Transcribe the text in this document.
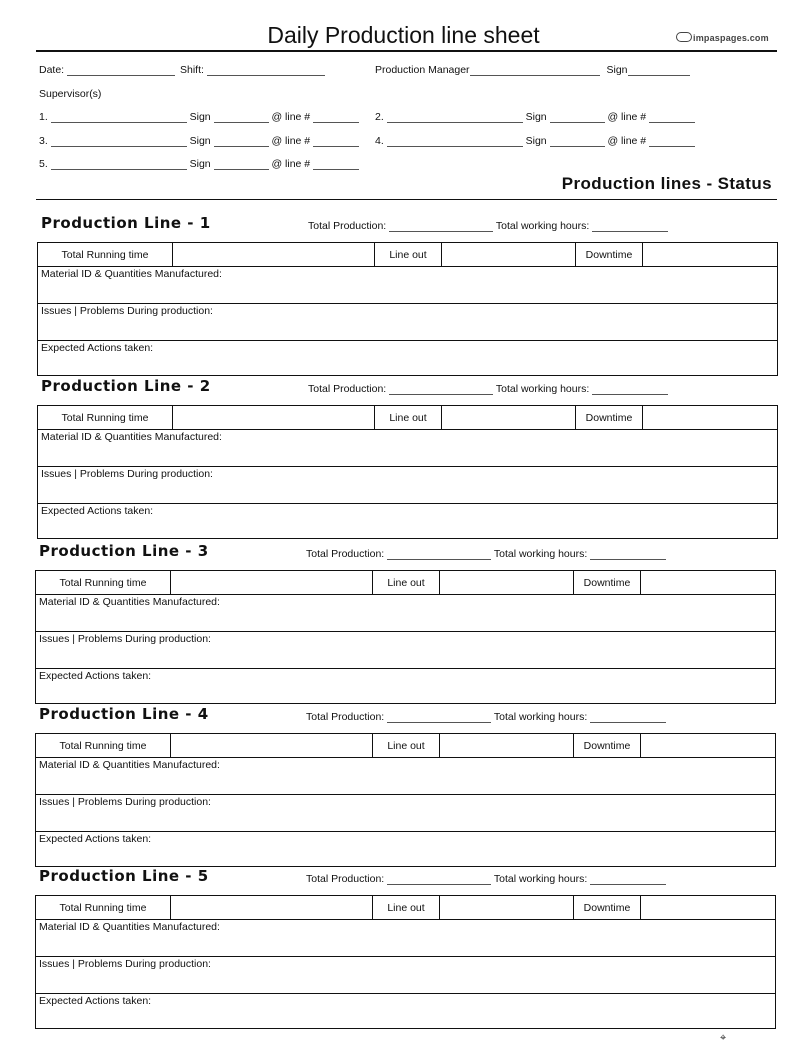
Daily Production line sheet	impaspages.com
Date:	Shift:	Production Manager	Sign
Supervisor(s)
1.	Sign	@ line #	2.	Sign	@ line #
3.	Sign	@ line #	4.	Sign	@ line #
5.	Sign	@ line #
Production lines - Status
Production Line - 1	Total Production:	Total working hours:
Total Running time	Line out	Downtime
Material ID & Quantities Manufactured:
Issues | Problems During production:
Expected Actions taken:
Production Line - 2	Total Production:	Total working hours:
Total Running time	Line out	Downtime
Material ID & Quantities Manufactured:
Issues | Problems During production:
Expected Actions taken:
Production Line - 3	Total Production:	Total working hours:
Total Running time	Line out	Downtime
Material ID & Quantities Manufactured:
Issues | Problems During production:
Expected Actions taken:
Production Line - 4	Total Production:	Total working hours:
Total Running time	Line out	Downtime
Material ID & Quantities Manufactured:
Issues | Problems During production:
Expected Actions taken:
Production Line - 5	Total Production:	Total working hours:
Total Running time	Line out	Downtime
Material ID & Quantities Manufactured:
Issues | Problems During production:
Expected Actions taken:
⌖
